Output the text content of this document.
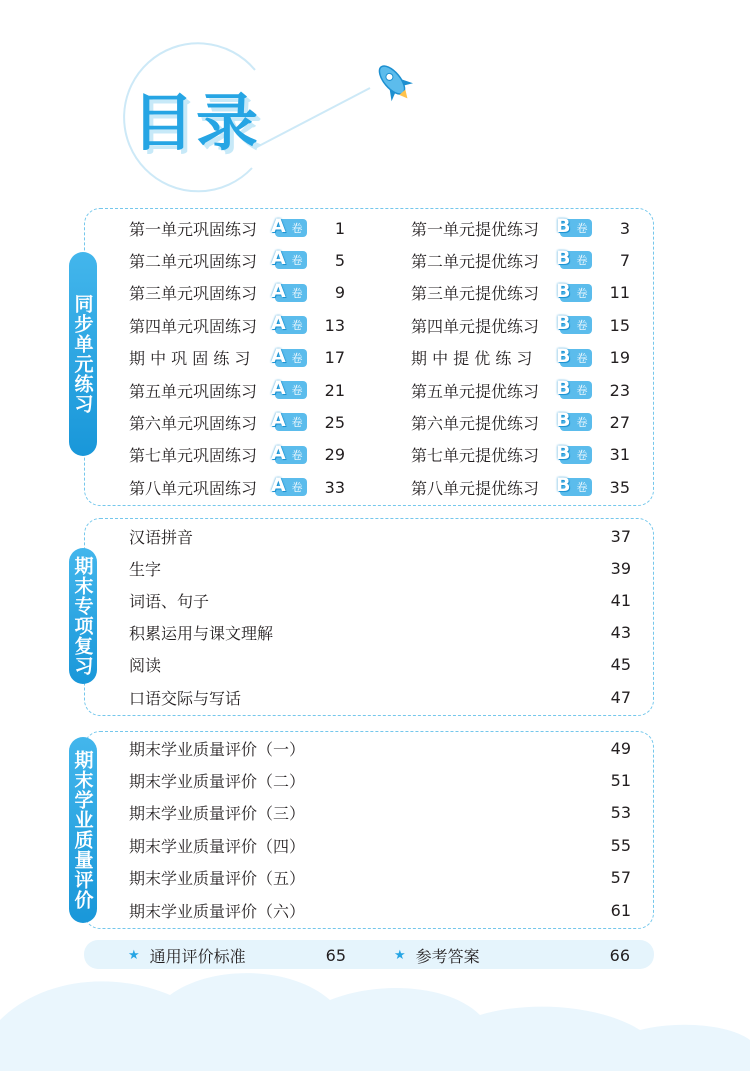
目录
同步单元练习
第一单元巩固练习 A 卷	1
第二单元巩固练习 A 卷	5
第三单元巩固练习 A 卷	9
第四单元巩固练习 A 卷	13
期 中 巩 固 练 习	A 卷	17
第五单元巩固练习 A 卷	21
第六单元巩固练习 A 卷	25
第七单元巩固练习 A 卷	29
第八单元巩固练习 A 卷	33
第一单元提优练习 B 卷	3
第二单元提优练习 B 卷	7
第三单元提优练习 B 卷	11
第四单元提优练习 B 卷	15
期 中 提 优 练 习	B 卷	19
第五单元提优练习 B 卷	23
第六单元提优练习 B 卷	27
第七单元提优练习 B 卷	31
第八单元提优练习 B 卷	35
期末专项复习
汉语拼音	37
生字	39
词语、句子	41
积累运用与课文理解	43
阅读	45
口语交际与写话	47
期末学业质量评价
期末学业质量评价（一）	49
期末学业质量评价（二）	51
期末学业质量评价（三）	53
期末学业质量评价（四）	55
期末学业质量评价（五）	57
期末学业质量评价（六）	61
★ 通用评价标准	65	★ 参考答案	66
